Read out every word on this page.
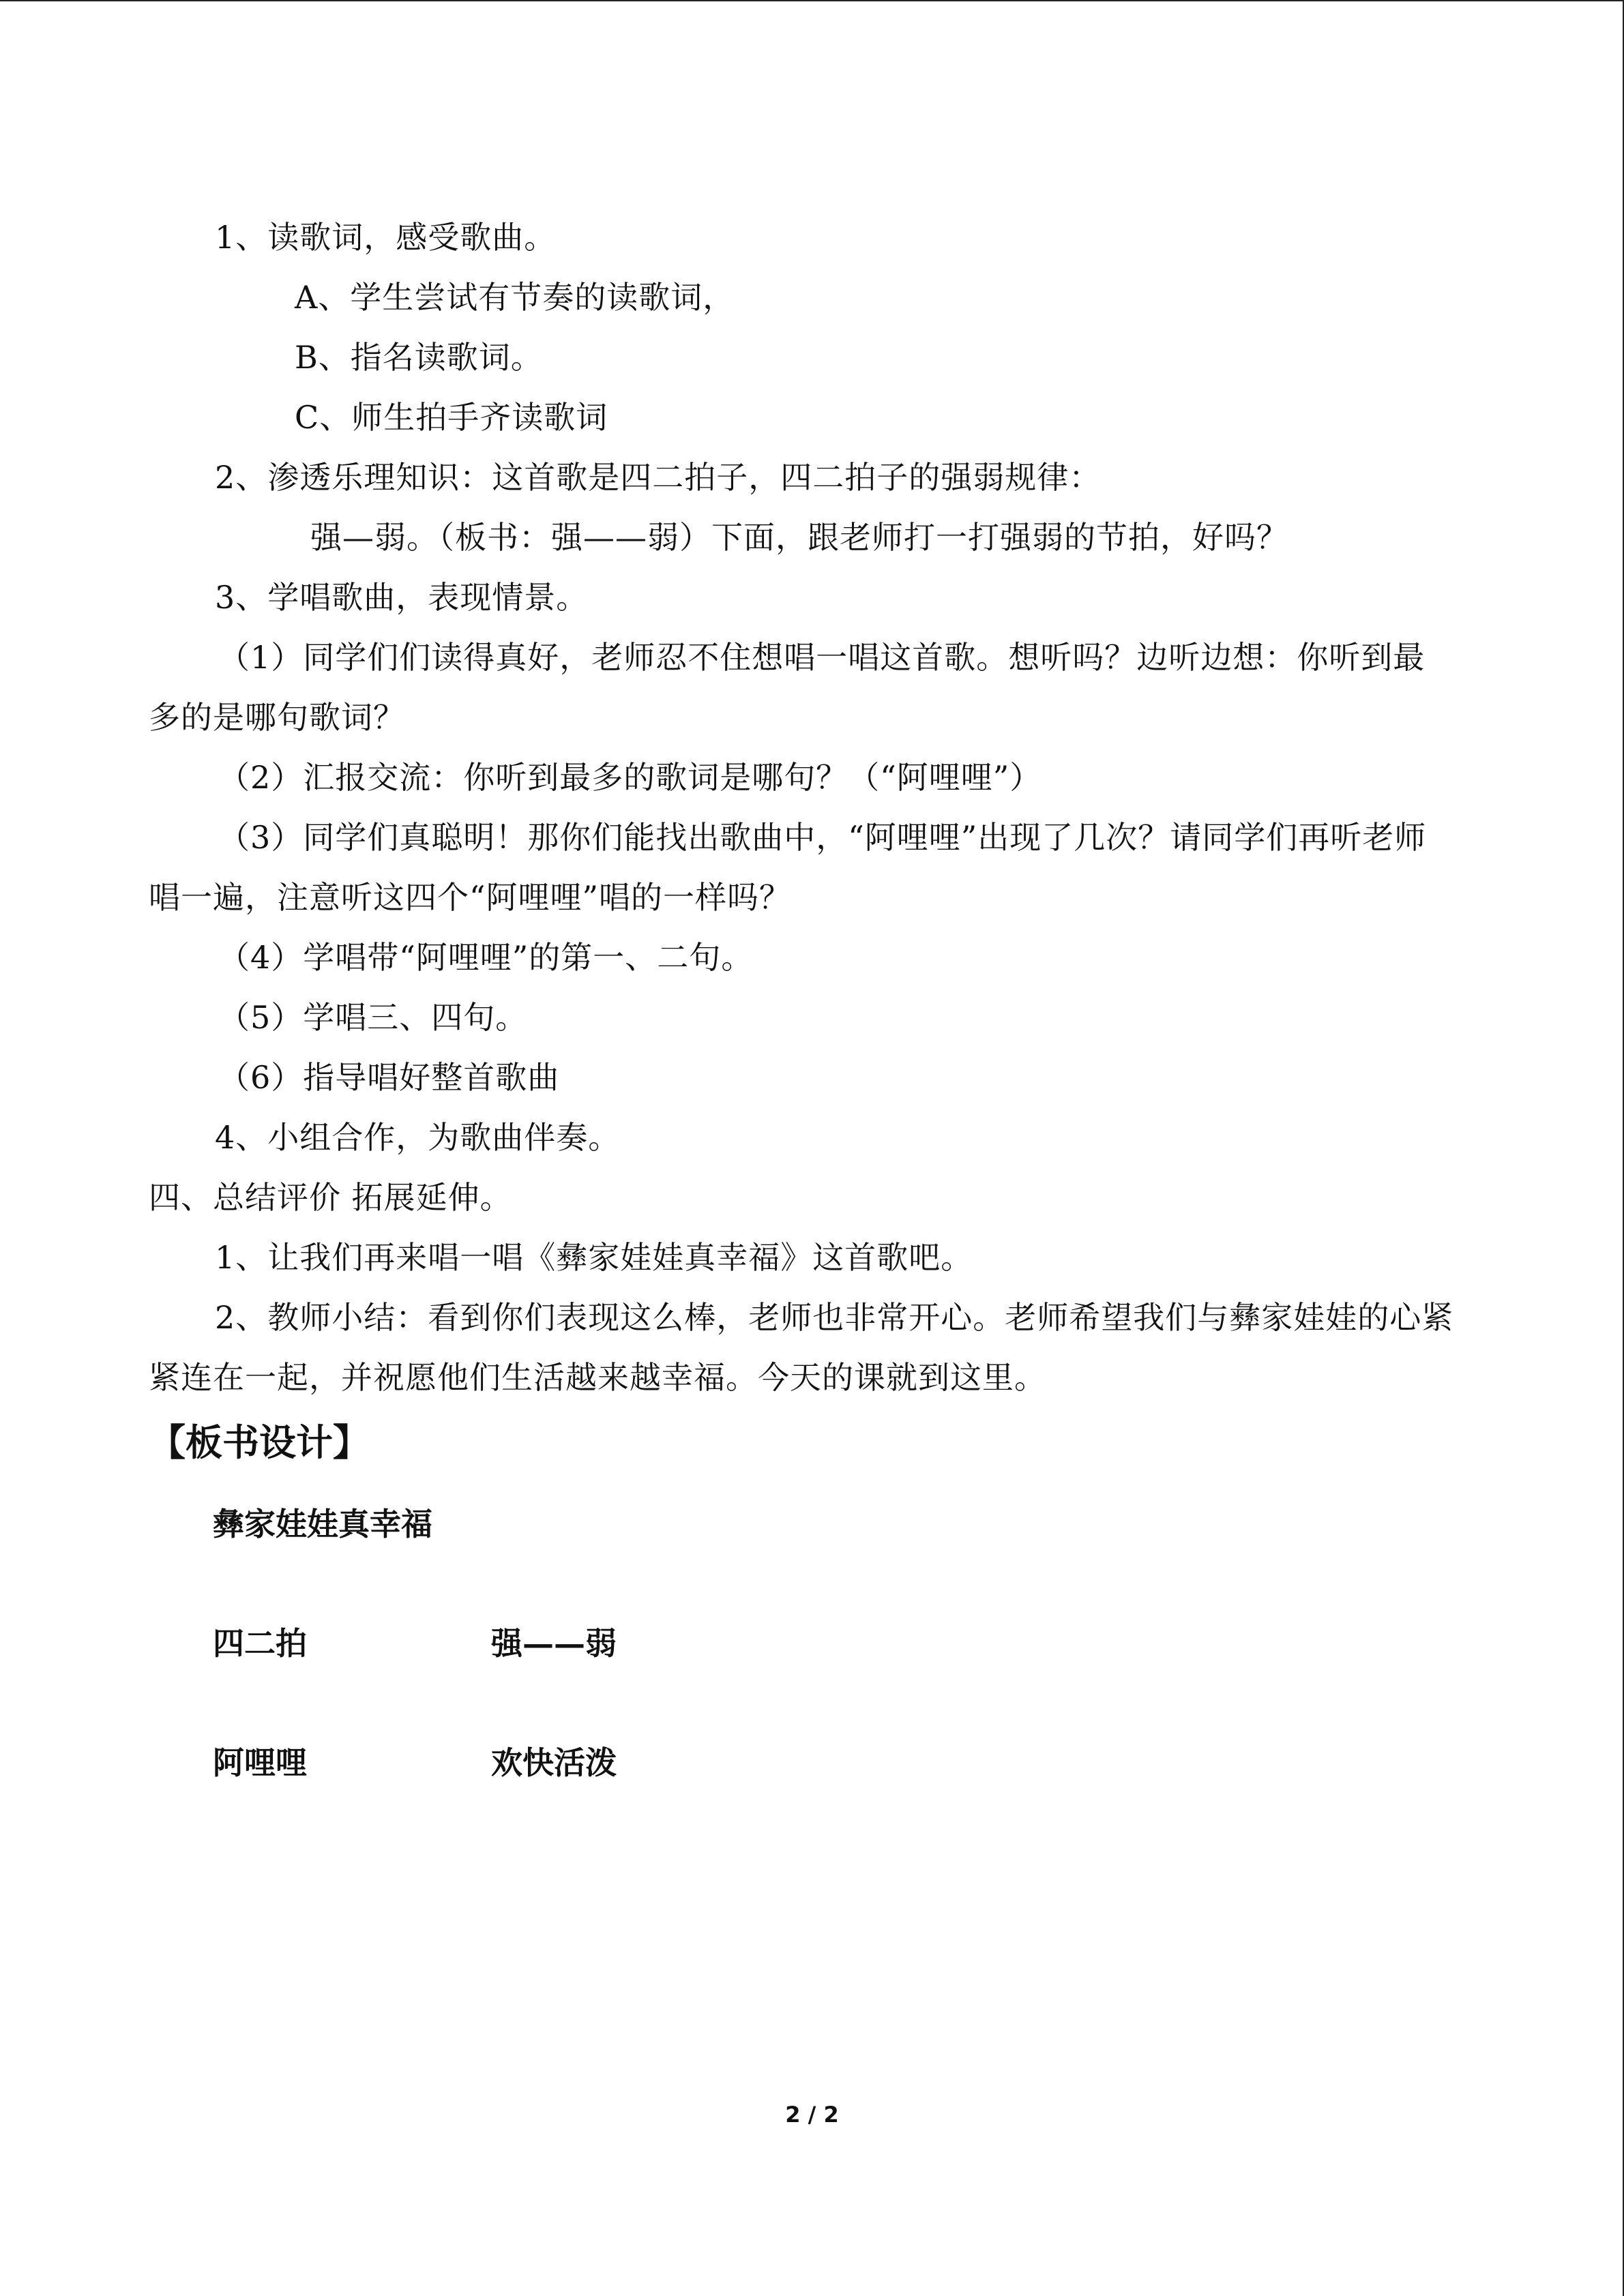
1、读歌词，感受歌曲。
A、学生尝试有节奏的读歌词，
B、指名读歌词。
C、师生拍手齐读歌词
2、渗透乐理知识：这首歌是四二拍子，四二拍子的强弱规律：
强—弱。（板书：强——弱）下面，跟老师打一打强弱的节拍，好吗？
3、学唱歌曲，表现情景。
（1）同学们们读得真好，老师忍不住想唱一唱这首歌。想听吗？边听边想：你听到最
多的是哪句歌词？
（2）汇报交流：你听到最多的歌词是哪句？（“阿哩哩”）
（3）同学们真聪明！那你们能找出歌曲中，“阿哩哩”出现了几次？请同学们再听老师
唱一遍，注意听这四个“阿哩哩”唱的一样吗？
（4）学唱带“阿哩哩”的第一、二句。
（5）学唱三、四句。
（6）指导唱好整首歌曲
4、小组合作，为歌曲伴奏。
四、总结评价 拓展延伸。
1、让我们再来唱一唱《彝家娃娃真幸福》这首歌吧。
2、教师小结：看到你们表现这么棒，老师也非常开心。老师希望我们与彝家娃娃的心紧
紧连在一起，并祝愿他们生活越来越幸福。今天的课就到这里。
【板书设计】
彝家娃娃真幸福
四二拍	强——弱
阿哩哩	欢快活泼
2 / 2
